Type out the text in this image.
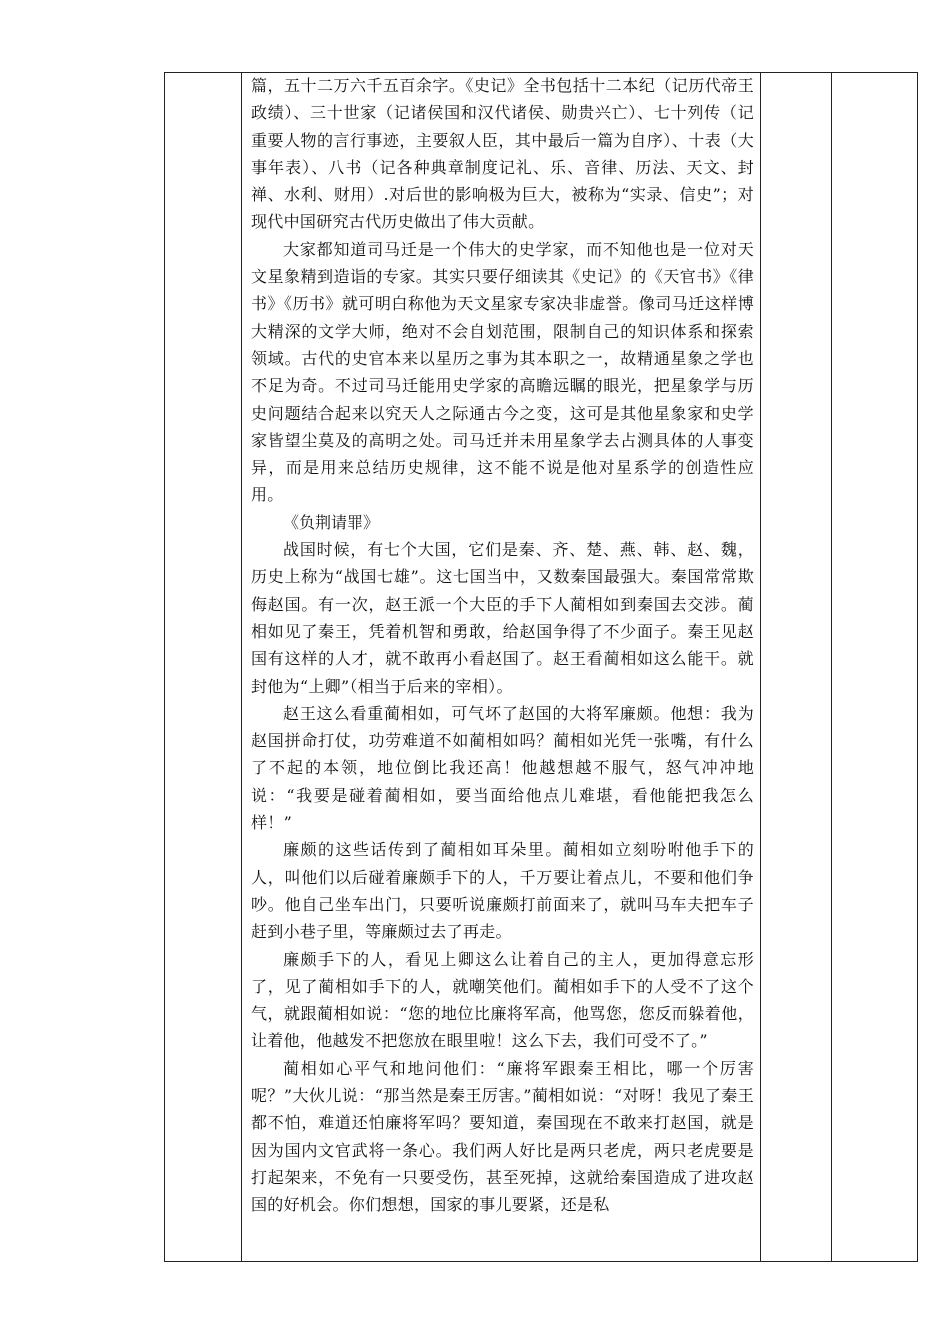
篇，五十二万六千五百余字。《史记》全书包括十二本纪（记历代帝王政绩）、三十世家（记诸侯国和汉代诸侯、勋贵兴亡）、七十列传（记重要人物的言行事迹，主要叙人臣，其中最后一篇为自序）、十表（大事年表）、八书（记各种典章制度记礼、乐、音律、历法、天文、封禅、水利、财用）.对后世的影响极为巨大，被称为“实录、信史”；对现代中国研究古代历史做出了伟大贡献。

大家都知道司马迁是一个伟大的史学家，而不知他也是一位对天文星象精到造诣的专家。其实只要仔细读其《史记》的《天官书》《律书》《历书》就可明白称他为天文星家专家决非虚誉。像司马迁这样博大精深的文学大师，绝对不会自划范围，限制自己的知识体系和探索领域。古代的史官本来以星历之事为其本职之一，故精通星象之学也不足为奇。不过司马迁能用史学家的高瞻远瞩的眼光，把星象学与历史问题结合起来以究天人之际通古今之变，这可是其他星象家和史学家皆望尘莫及的高明之处。司马迁并未用星象学去占测具体的人事变异，而是用来总结历史规律，这不能不说是他对星系学的创造性应用。

《负荆请罪》

战国时候，有七个大国，它们是秦、齐、楚、燕、韩、赵、魏，历史上称为“战国七雄”。这七国当中，又数秦国最强大。秦国常常欺侮赵国。有一次，赵王派一个大臣的手下人蔺相如到秦国去交涉。蔺相如见了秦王，凭着机智和勇敢，给赵国争得了不少面子。秦王见赵国有这样的人才，就不敢再小看赵国了。赵王看蔺相如这么能干。就封他为“上卿”（相当于后来的宰相）。

赵王这么看重蔺相如，可气坏了赵国的大将军廉颇。他想：我为赵国拼命打仗，功劳难道不如蔺相如吗？蔺相如光凭一张嘴，有什么了不起的本领，地位倒比我还高！他越想越不服气，怒气冲冲地说：“我要是碰着蔺相如，要当面给他点儿难堪，看他能把我怎么样！”

廉颇的这些话传到了蔺相如耳朵里。蔺相如立刻吩咐他手下的人，叫他们以后碰着廉颇手下的人，千万要让着点儿，不要和他们争吵。他自己坐车出门，只要听说廉颇打前面来了，就叫马车夫把车子赶到小巷子里，等廉颇过去了再走。

廉颇手下的人，看见上卿这么让着自己的主人，更加得意忘形了，见了蔺相如手下的人，就嘲笑他们。蔺相如手下的人受不了这个气，就跟蔺相如说：“您的地位比廉将军高，他骂您，您反而躲着他，让着他，他越发不把您放在眼里啦！这么下去，我们可受不了。”

蔺相如心平气和地问他们：“廉将军跟秦王相比，哪一个厉害呢？”大伙儿说：“那当然是秦王厉害。”蔺相如说：“对呀！我见了秦王都不怕，难道还怕廉将军吗？要知道，秦国现在不敢来打赵国，就是因为国内文官武将一条心。我们两人好比是两只老虎，两只老虎要是打起架来，不免有一只要受伤，甚至死掉，这就给秦国造成了进攻赵国的好机会。你们想想，国家的事儿要紧，还是私
